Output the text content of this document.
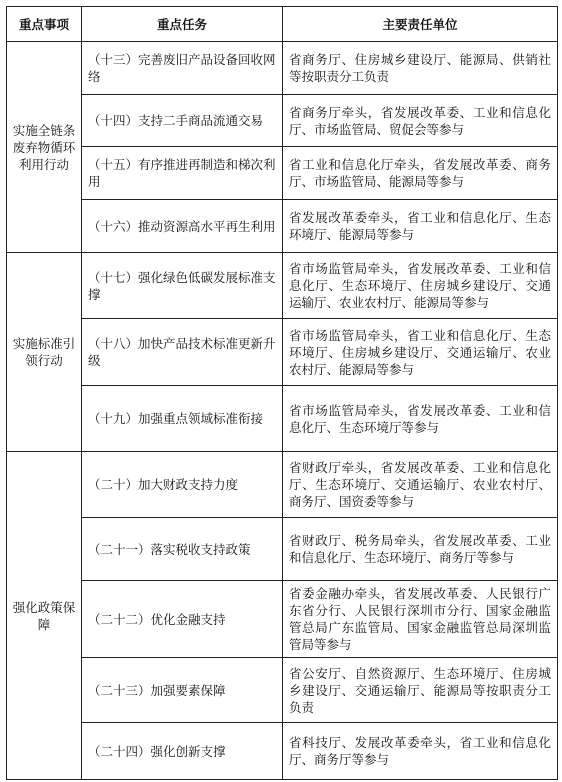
重点事项	重点任务	主要责任单位
实施全链条废弃物循环利用行动	（十三）完善废旧产品设备回收网络	省商务厅、住房城乡建设厅、能源局、供销社等按职责分工负责
	（十四）支持二手商品流通交易	省商务厅牵头，省发展改革委、工业和信息化厅、市场监管局、贸促会等参与
	（十五）有序推进再制造和梯次利用	省工业和信息化厅牵头，省发展改革委、商务厅、市场监管局、能源局等参与
	（十六）推动资源高水平再生利用	省发展改革委牵头，省工业和信息化厅、生态环境厅、能源局等参与
实施标准引领行动	（十七）强化绿色低碳发展标准支撑	省市场监管局牵头，省发展改革委、工业和信息化厅、生态环境厅、住房城乡建设厅、交通运输厅、农业农村厅、能源局等参与
	（十八）加快产品技术标准更新升级	省市场监管局牵头，省工业和信息化厅、生态环境厅、住房城乡建设厅、交通运输厅、农业农村厅、能源局等参与
	（十九）加强重点领域标准衔接	省市场监管局牵头，省发展改革委、工业和信息化厅、生态环境厅等参与
强化政策保障	（二十）加大财政支持力度	省财政厅牵头，省发展改革委、工业和信息化厅、生态环境厅、交通运输厅、农业农村厅、商务厅、国资委等参与
	（二十一）落实税收支持政策	省财政厅、税务局牵头，省发展改革委、工业和信息化厅、生态环境厅、商务厅等参与
	（二十二）优化金融支持	省委金融办牵头，省发展改革委、人民银行广东省分行、人民银行深圳市分行、国家金融监管总局广东监管局、国家金融监管总局深圳监管局等参与
	（二十三）加强要素保障	省公安厅、自然资源厅、生态环境厅、住房城乡建设厅、交通运输厅、能源局等按职责分工负责
	（二十四）强化创新支撑	省科技厅、发展改革委牵头，省工业和信息化厅、商务厅等参与
